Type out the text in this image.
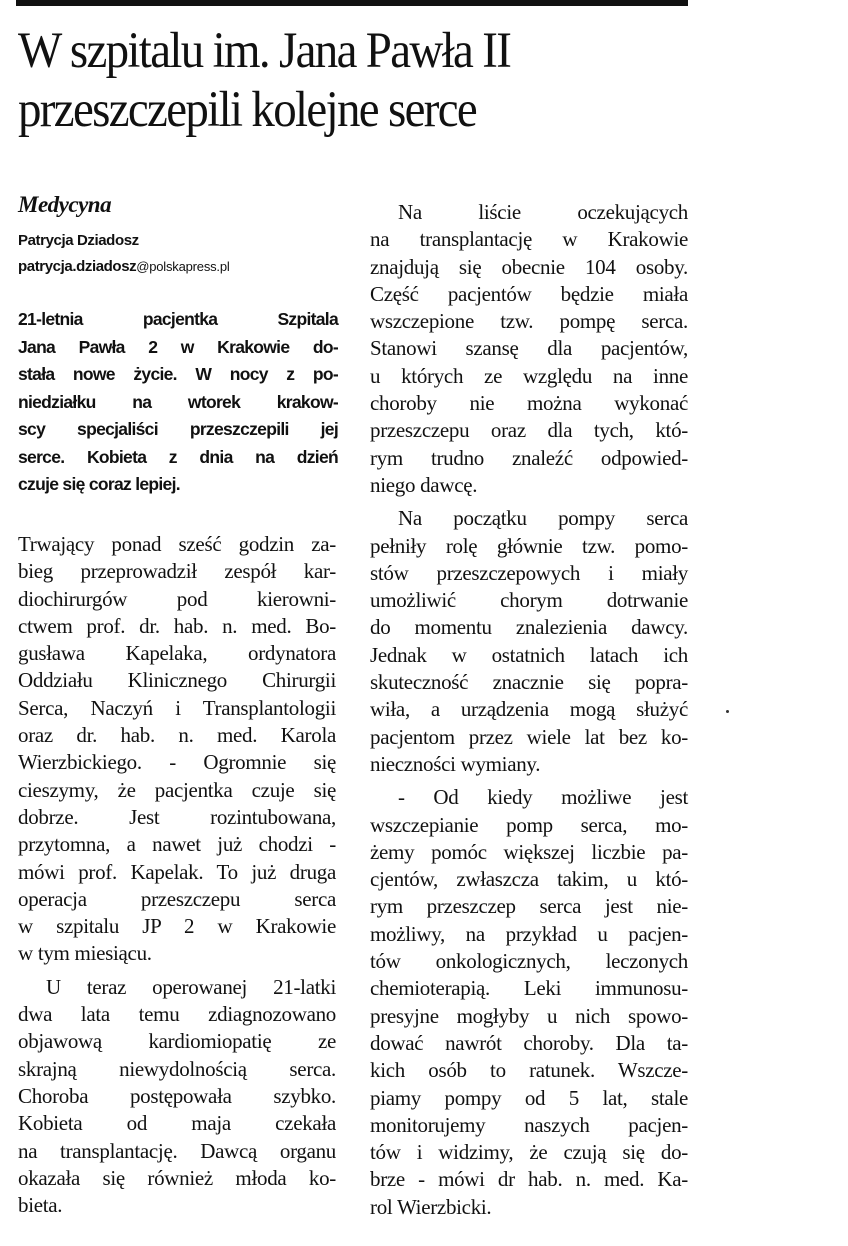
W szpitalu im. Jana Pawła II
przeszczepili kolejne serce
Medycyna
Patrycja Dziadosz
patrycja.dziadosz@polskapress.pl
21-letnia pacjentka Szpitala
Jana Pawła 2 w Krakowie do-
stała nowe życie. W nocy z po-
niedziałku na wtorek krakow-
scy specjaliści przeszczepili jej
serce. Kobieta z dnia na dzień
czuje się coraz lepiej.
Trwający ponad sześć godzin za-
bieg przeprowadził zespół kar-
diochirurgów pod kierowni-
ctwem prof. dr. hab. n. med. Bo-
gusława Kapelaka, ordynatora
Oddziału Klinicznego Chirurgii
Serca, Naczyń i Transplantologii
oraz dr. hab. n. med. Karola
Wierzbickiego. - Ogromnie się
cieszymy, że pacjentka czuje się
dobrze. Jest rozintubowana,
przytomna, a nawet już chodzi -
mówi prof. Kapelak. To już druga
operacja przeszczepu serca
w szpitalu JP 2 w Krakowie
w tym miesiącu.
U teraz operowanej 21-latki
dwa lata temu zdiagnozowano
objawową kardiomiopatię ze
skrajną niewydolnością serca.
Choroba postępowała szybko.
Kobieta od maja czekała
na transplantację. Dawcą organu
okazała się również młoda ko-
bieta.
Na liście oczekujących
na transplantację w Krakowie
znajdują się obecnie 104 osoby.
Część pacjentów będzie miała
wszczepione tzw. pompę serca.
Stanowi szansę dla pacjentów,
u których ze względu na inne
choroby nie można wykonać
przeszczepu oraz dla tych, któ-
rym trudno znaleźć odpowied-
niego dawcę.
Na początku pompy serca
pełniły rolę głównie tzw. pomo-
stów przeszczepowych i miały
umożliwić chorym dotrwanie
do momentu znalezienia dawcy.
Jednak w ostatnich latach ich
skuteczność znacznie się popra-
wiła, a urządzenia mogą służyć
pacjentom przez wiele lat bez ko-
nieczności wymiany.
- Od kiedy możliwe jest
wszczepianie pomp serca, mo-
żemy pomóc większej liczbie pa-
cjentów, zwłaszcza takim, u któ-
rym przeszczep serca jest nie-
możliwy, na przykład u pacjen-
tów onkologicznych, leczonych
chemioterapią. Leki immunosu-
presyjne mogłyby u nich spowo-
dować nawrót choroby. Dla ta-
kich osób to ratunek. Wszcze-
piamy pompy od 5 lat, stale
monitorujemy naszych pacjen-
tów i widzimy, że czują się do-
brze - mówi dr hab. n. med. Ka-
rol Wierzbicki.
